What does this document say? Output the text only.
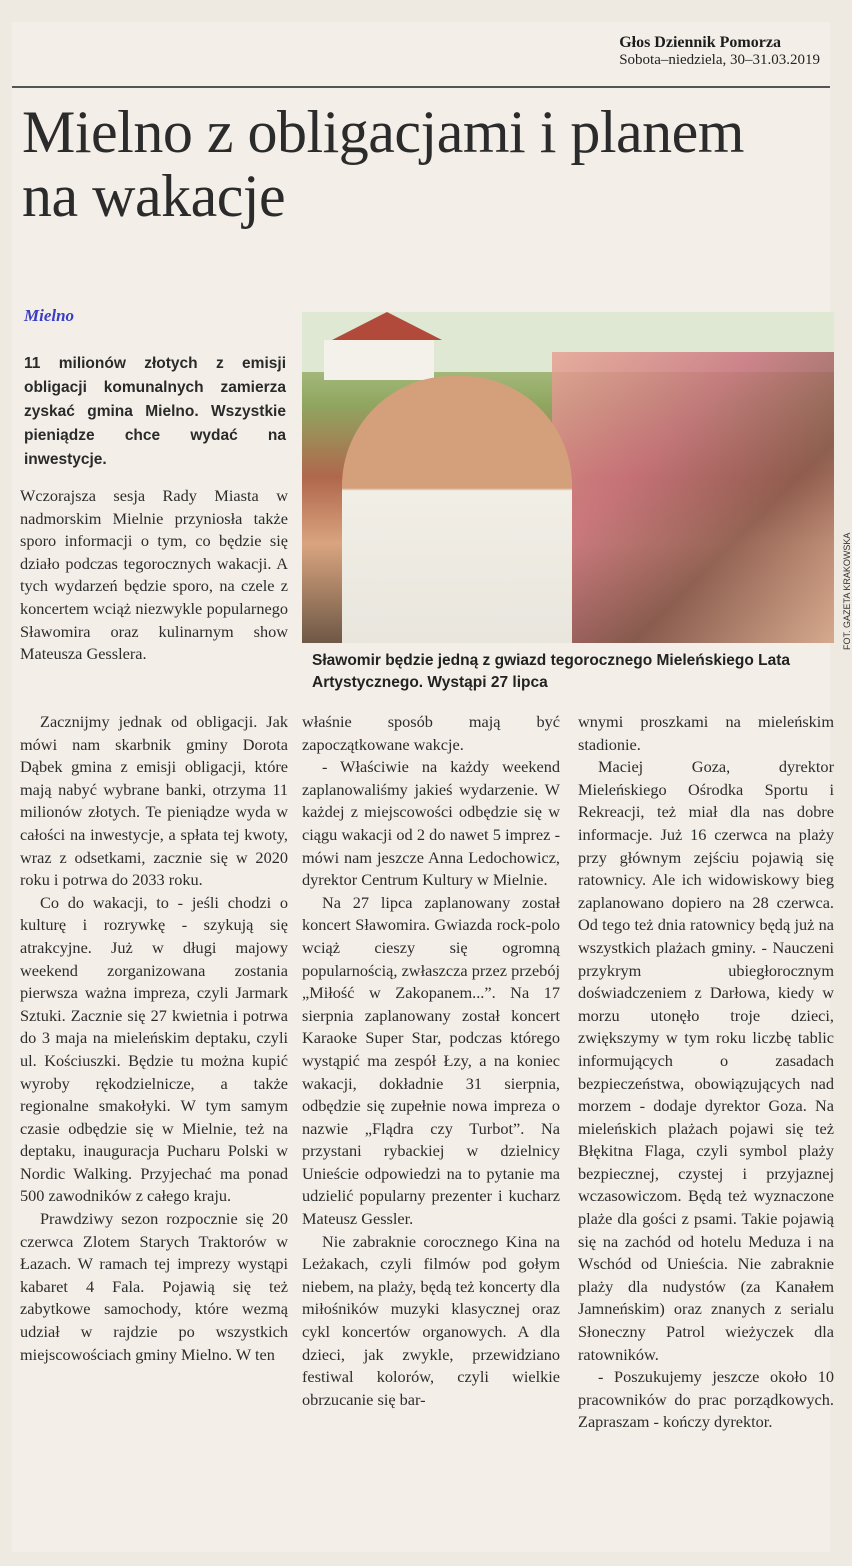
Głos Dziennik Pomorza
Sobota–niedziela, 30–31.03.2019
Mielno z obligacjami i planem na wakacje
Mielno

11 milionów złotych z emisji obligacji komunalnych zamierza zyskać gmina Mielno. Wszystkie pieniądze chce wydać na inwestycje.

FOT. GAZETA KRAKOWSKA

Sławomir będzie jedną z gwiazd tegorocznego Mieleńskiego Lata Artystycznego. Wystąpi 27 lipca

Wczorajsza sesja Rady Miasta w nadmorskim Mielnie przyniosła także sporo informacji o tym, co będzie się działo podczas tegorocznych wakacji. A tych wydarzeń będzie sporo, na czele z koncertem wciąż niezwykle popularnego Sławomira oraz kulinarnym show Mateusza Gesslera.

Zacznijmy jednak od obligacji. Jak mówi nam skarbnik gminy Dorota Dąbek gmina z emisji obligacji, które mają nabyć wybrane banki, otrzyma 11 milionów złotych. Te pieniądze wyda w całości na inwestycje, a spłata tej kwoty, wraz z odsetkami, zacznie się w 2020 roku i potrwa do 2033 roku.

Co do wakacji, to - jeśli chodzi o kulturę i rozrywkę - szykują się atrakcyjne. Już w długi majowy weekend zorganizowana zostania pierwsza ważna impreza, czyli Jarmark Sztuki. Zacznie się 27 kwietnia i potrwa do 3 maja na mieleńskim deptaku, czyli ul. Kościuszki. Będzie tu można kupić wyroby rękodzielnicze, a także regionalne smakołyki. W tym samym czasie odbędzie się w Mielnie, też na deptaku, inauguracja Pucharu Polski w Nordic Walking. Przyjechać ma ponad 500 zawodników z całego kraju.

Prawdziwy sezon rozpocznie się 20 czerwca Zlotem Starych Traktorów w Łazach. W ramach tej imprezy wystąpi kabaret 4 Fala. Pojawią się też zabytkowe samochody, które wezmą udział w rajdzie po wszystkich miejscowościach gminy Mielno. W ten

właśnie sposób mają być zapoczątkowane wakcje.

- Właściwie na każdy weekend zaplanowaliśmy jakieś wydarzenie. W każdej z miejscowości odbędzie się w ciągu wakacji od 2 do nawet 5 imprez - mówi nam jeszcze Anna Ledochowicz, dyrektor Centrum Kultury w Mielnie.

Na 27 lipca zaplanowany został koncert Sławomira. Gwiazda rock-polo wciąż cieszy się ogromną popularnością, zwłaszcza przez przebój „Miłość w Zakopanem...”. Na 17 sierpnia zaplanowany został koncert Karaoke Super Star, podczas którego wystąpić ma zespół Łzy, a na koniec wakacji, dokładnie 31 sierpnia, odbędzie się zupełnie nowa impreza o nazwie „Flądra czy Turbot”. Na przystani rybackiej w dzielnicy Unieście odpowiedzi na to pytanie ma udzielić popularny prezenter i kucharz Mateusz Gessler.

Nie zabraknie corocznego Kina na Leżakach, czyli filmów pod gołym niebem, na plaży, będą też koncerty dla miłośników muzyki klasycznej oraz cykl koncertów organowych. A dla dzieci, jak zwykle, przewidziano festiwal kolorów, czyli wielkie obrzucanie się bar-

wnymi proszkami na mieleńskim stadionie.

Maciej Goza, dyrektor Mieleńskiego Ośrodka Sportu i Rekreacji, też miał dla nas dobre informacje. Już 16 czerwca na plaży przy głównym zejściu pojawią się ratownicy. Ale ich widowiskowy bieg zaplanowano dopiero na 28 czerwca. Od tego też dnia ratownicy będą już na wszystkich plażach gminy. - Nauczeni przykrym ubiegłorocznym doświadczeniem z Darłowa, kiedy w morzu utonęło troje dzieci, zwiększymy w tym roku liczbę tablic informujących o zasadach bezpieczeństwa, obowiązujących nad morzem - dodaje dyrektor Goza. Na mieleńskich plażach pojawi się też Błękitna Flaga, czyli symbol plaży bezpiecznej, czystej i przyjaznej wczasowiczom. Będą też wyznaczone plaże dla gości z psami. Takie pojawią się na zachód od hotelu Meduza i na Wschód od Unieścia. Nie zabraknie plaży dla nudystów (za Kanałem Jamneńskim) oraz znanych z serialu Słoneczny Patrol wieżyczek dla ratowników.

- Poszukujemy jeszcze około 10 pracowników do prac porządkowych. Zapraszam - kończy dyrektor.
